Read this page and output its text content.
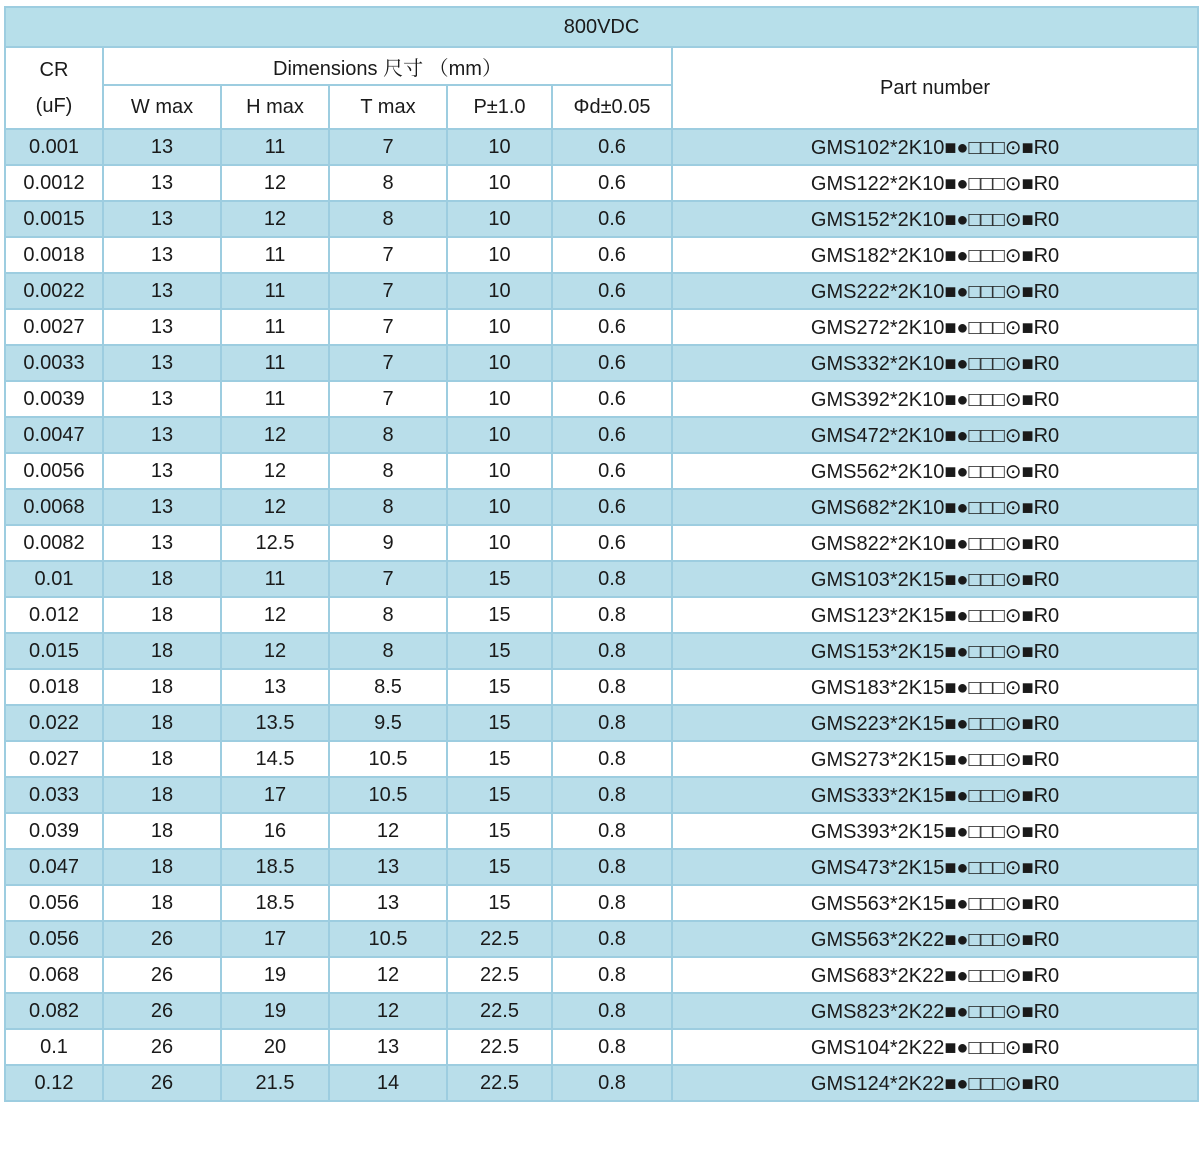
800VDC						

CR
(uF)	Dimensions 尺寸 （mm）					Part number
	W max	H max	T max	P±1.0	Φd±0.05	
0.001	13	11	7	10	0.6	GMS102*2K10■●□□□⊙■R0
0.0012	13	12	8	10	0.6	GMS122*2K10■●□□□⊙■R0
0.0015	13	12	8	10	0.6	GMS152*2K10■●□□□⊙■R0
0.0018	13	11	7	10	0.6	GMS182*2K10■●□□□⊙■R0
0.0022	13	11	7	10	0.6	GMS222*2K10■●□□□⊙■R0
0.0027	13	11	7	10	0.6	GMS272*2K10■●□□□⊙■R0
0.0033	13	11	7	10	0.6	GMS332*2K10■●□□□⊙■R0
0.0039	13	11	7	10	0.6	GMS392*2K10■●□□□⊙■R0
0.0047	13	12	8	10	0.6	GMS472*2K10■●□□□⊙■R0
0.0056	13	12	8	10	0.6	GMS562*2K10■●□□□⊙■R0
0.0068	13	12	8	10	0.6	GMS682*2K10■●□□□⊙■R0
0.0082	13	12.5	9	10	0.6	GMS822*2K10■●□□□⊙■R0
0.01	18	11	7	15	0.8	GMS103*2K15■●□□□⊙■R0
0.012	18	12	8	15	0.8	GMS123*2K15■●□□□⊙■R0
0.015	18	12	8	15	0.8	GMS153*2K15■●□□□⊙■R0
0.018	18	13	8.5	15	0.8	GMS183*2K15■●□□□⊙■R0
0.022	18	13.5	9.5	15	0.8	GMS223*2K15■●□□□⊙■R0
0.027	18	14.5	10.5	15	0.8	GMS273*2K15■●□□□⊙■R0
0.033	18	17	10.5	15	0.8	GMS333*2K15■●□□□⊙■R0
0.039	18	16	12	15	0.8	GMS393*2K15■●□□□⊙■R0
0.047	18	18.5	13	15	0.8	GMS473*2K15■●□□□⊙■R0
0.056	18	18.5	13	15	0.8	GMS563*2K15■●□□□⊙■R0
0.056	26	17	10.5	22.5	0.8	GMS563*2K22■●□□□⊙■R0
0.068	26	19	12	22.5	0.8	GMS683*2K22■●□□□⊙■R0
0.082	26	19	12	22.5	0.8	GMS823*2K22■●□□□⊙■R0
0.1	26	20	13	22.5	0.8	GMS104*2K22■●□□□⊙■R0
0.12	26	21.5	14	22.5	0.8	GMS124*2K22■●□□□⊙■R0
